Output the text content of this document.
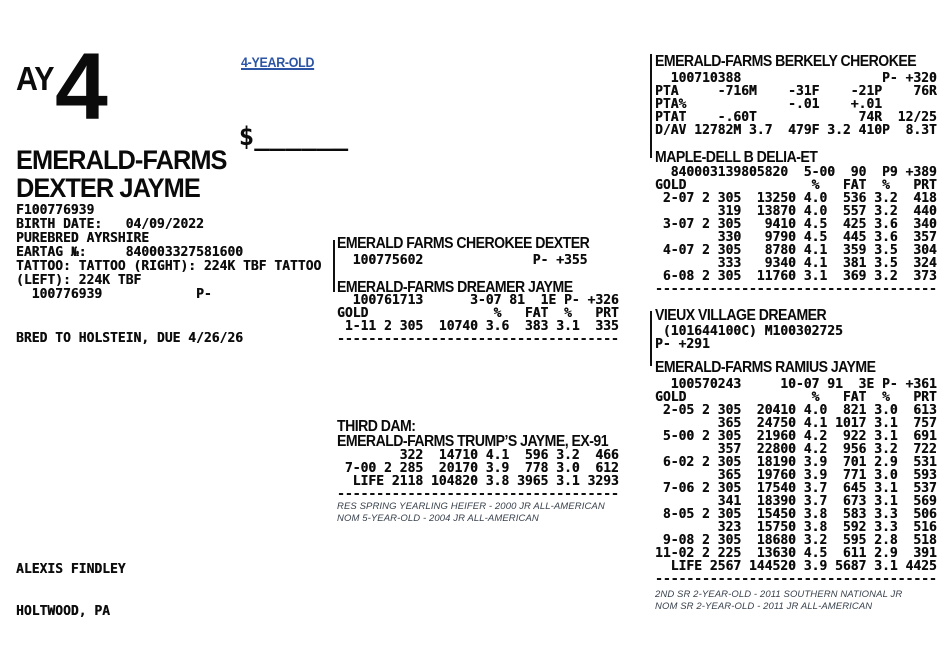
AY 4	4-YEAR-OLD

$______

EMERALD-FARMS
DEXTER JAYME
F100776939
BIRTH DATE:   04/09/2022
PUREBRED AYRSHIRE
EARTAG №:     840003327581600
TATTOO: TATTOO (RIGHT): 224K TBF TATTOO
(LEFT): 224K TBF
100776939            P-
BRED TO HOLSTEIN, DUE 4/26/26

ALEXIS FINDLEY

HOLTWOOD, PA

EMERALD FARMS CHEROKEE DEXTER
100775602              P- +355
EMERALD-FARMS DREAMER JAYME
100761713      3-07 81  1E P- +326
GOLD                %   FAT  %   PRT
1-11 2 305  10740 3.6  383 3.1  335
------------------------------------
THIRD DAM:
EMERALD-FARMS TRUMP’S JAYME, EX-91
322  14710 4.1  596 3.2  466
7-00 2 285  20170 3.9  778 3.0  612
LIFE 2118 104820 3.8 3965 3.1 3293
------------------------------------
RES SPRING YEARLING HEIFER - 2000 JR ALL-AMERICAN
NOM 5-YEAR-OLD - 2004 JR ALL-AMERICAN
EMERALD-FARMS BERKELY CHEROKEE
100710388                  P- +320
PTA     -716M    -31F    -21P    76R
PTA%             -.01    +.01
PTAT    -.60T             74R  12/25
D/AV 12782M 3.7  479F 3.2 410P  8.3T
MAPLE-DELL B DELIA-ET
840003139805820  5-00  90  P9 +389
GOLD                %   FAT  %   PRT
2-07 2 305  13250 4.0  536 3.2  418
319  13870 4.0  557 3.2  440
3-07 2 305   9410 4.5  425 3.6  340
330   9790 4.5  445 3.6  357
4-07 2 305   8780 4.1  359 3.5  304
333   9340 4.1  381 3.5  324
6-08 2 305  11760 3.1  369 3.2  373
------------------------------------
VIEUX VILLAGE DREAMER
(101644100C) M100302725
P- +291
EMERALD-FARMS RAMIUS JAYME
100570243     10-07 91  3E P- +361
GOLD                %   FAT  %   PRT
2-05 2 305  20410 4.0  821 3.0  613
365  24750 4.1 1017 3.1  757
5-00 2 305  21960 4.2  922 3.1  691
357  22800 4.2  956 3.2  722
6-02 2 305  18190 3.9  701 2.9  531
365  19760 3.9  771 3.0  593
7-06 2 305  17540 3.7  645 3.1  537
341  18390 3.7  673 3.1  569
8-05 2 305  15450 3.8  583 3.3  506
323  15750 3.8  592 3.3  516
9-08 2 305  18680 3.2  595 2.8  518
11-02 2 225  13630 4.5  611 2.9  391
LIFE 2567 144520 3.9 5687 3.1 4425
------------------------------------
2ND SR 2-YEAR-OLD - 2011 SOUTHERN NATIONAL JR
NOM SR 2-YEAR-OLD - 2011 JR ALL-AMERICAN
